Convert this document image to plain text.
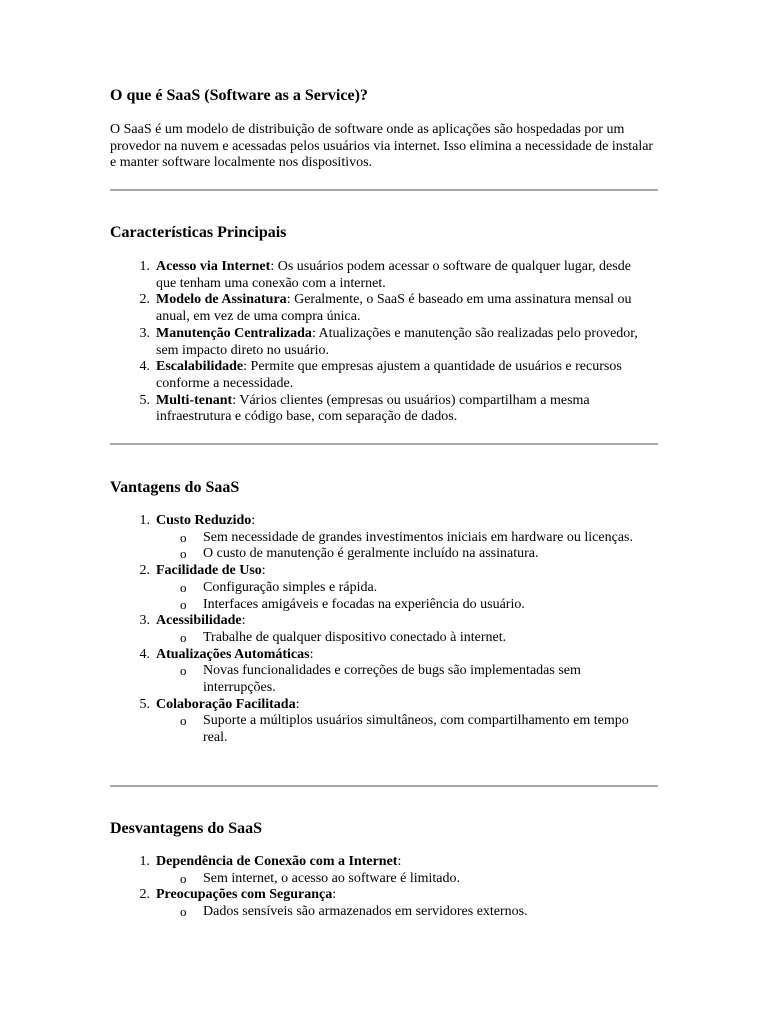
O que é SaaS (Software as a Service)?
O SaaS é um modelo de distribuição de software onde as aplicações são hospedadas por um provedor na nuvem e acessadas pelos usuários via internet. Isso elimina a necessidade de instalar e manter software localmente nos dispositivos.
Características Principais
1. Acesso via Internet: Os usuários podem acessar o software de qualquer lugar, desde que tenham uma conexão com a internet.
2. Modelo de Assinatura: Geralmente, o SaaS é baseado em uma assinatura mensal ou anual, em vez de uma compra única.
3. Manutenção Centralizada: Atualizações e manutenção são realizadas pelo provedor, sem impacto direto no usuário.
4. Escalabilidade: Permite que empresas ajustem a quantidade de usuários e recursos conforme a necessidade.
5. Multi-tenant: Vários clientes (empresas ou usuários) compartilham a mesma infraestrutura e código base, com separação de dados.
Vantagens do SaaS
1. Custo Reduzido:
o Sem necessidade de grandes investimentos iniciais em hardware ou licenças.
o O custo de manutenção é geralmente incluído na assinatura.
2. Facilidade de Uso:
o Configuração simples e rápida.
o Interfaces amigáveis e focadas na experiência do usuário.
3. Acessibilidade:
o Trabalhe de qualquer dispositivo conectado à internet.
4. Atualizações Automáticas:
o Novas funcionalidades e correções de bugs são implementadas sem interrupções.
5. Colaboração Facilitada:
o Suporte a múltiplos usuários simultâneos, com compartilhamento em tempo real.
Desvantagens do SaaS
1. Dependência de Conexão com a Internet:
o Sem internet, o acesso ao software é limitado.
2. Preocupações com Segurança:
o Dados sensíveis são armazenados em servidores externos.
